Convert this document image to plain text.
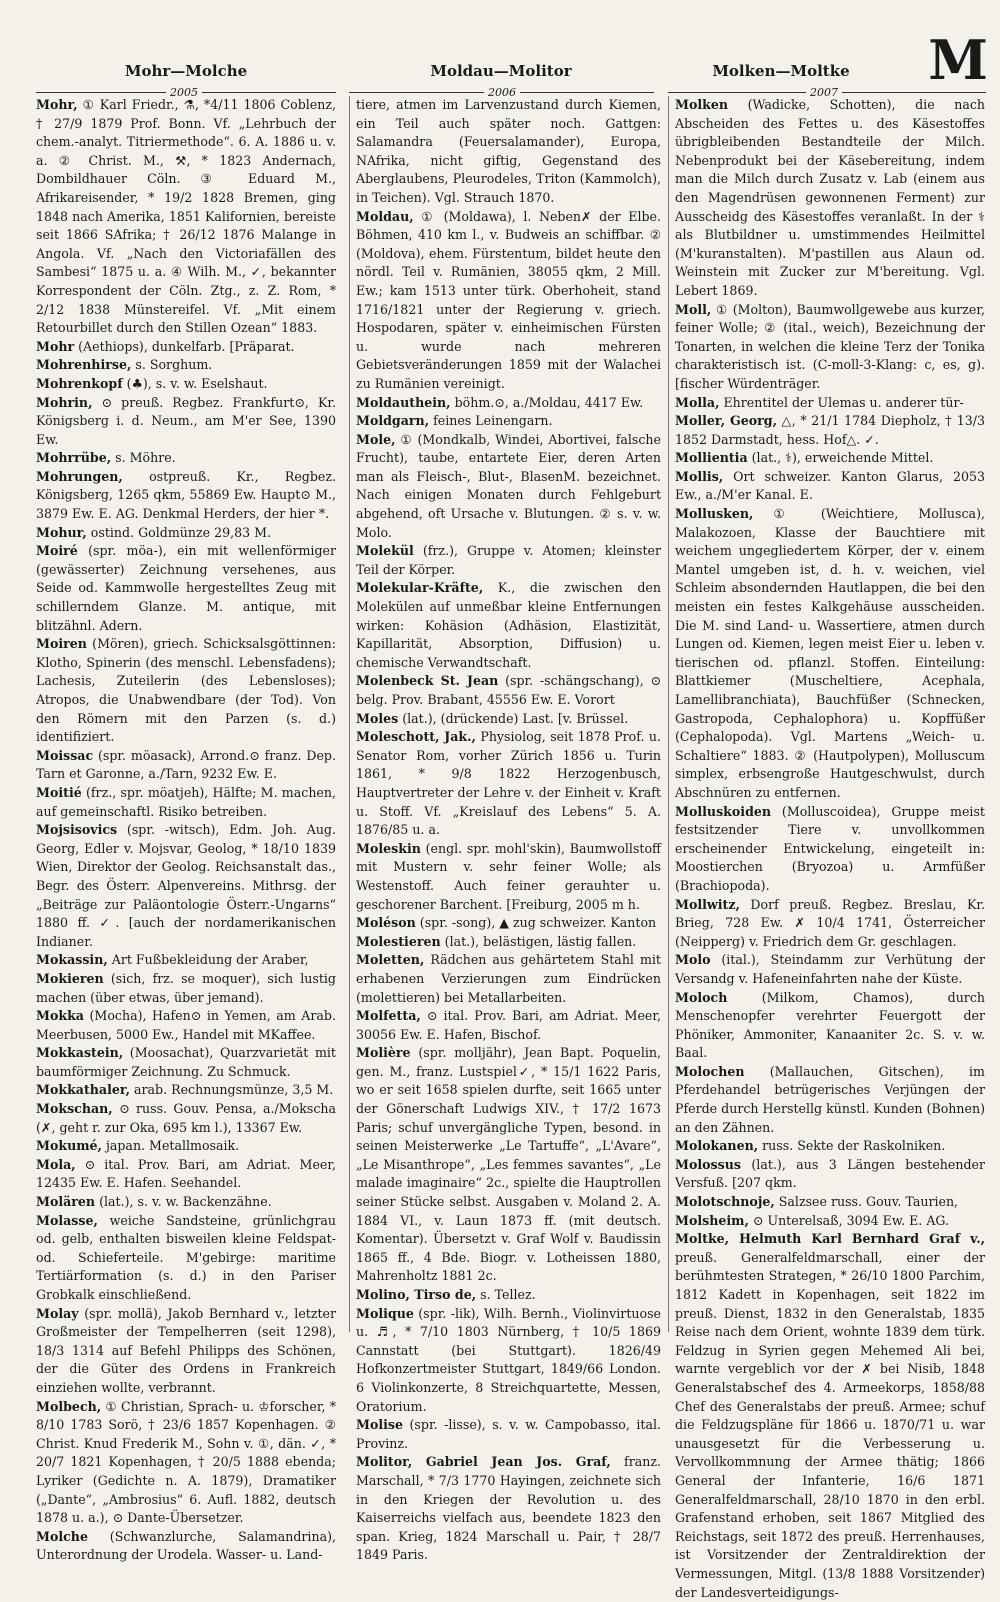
Mohr—Molche	Moldau—Molitor	Molken—Moltke	M
2005	2006	2007

Mohr, ① Karl Friedr., ⚗, *4/11 1806 Coblenz, † 27/9 1879 Prof. Bonn. Vf. „Lehrbuch der chem.-analyt. Titriermethode“. 6. A. 1886 u. v. a. ② Christ. M., ⚒, * 1823 Andernach, Dombildhauer Cöln. ③ Eduard M., Afrikareisender, * 19/2 1828 Bremen, ging 1848 nach Amerika, 1851 Kalifornien, bereiste seit 1866 SAfrika; † 26/12 1876 Malange in Angola. Vf. „Nach den Victoriafällen des Sambesi“ 1875 u. a. ④ Wilh. M., ✓, bekannter Korrespondent der Cöln. Ztg., z. Z. Rom, * 2/12 1838 Münstereifel. Vf. „Mit einem Retourbillet durch den Stillen Ozean“ 1883.

Mohr (Aethiops), dunkelfarb. [Präparat.

Mohrenhirse, s. Sorghum.

Mohrenkopf (♣), s. v. w. Eselshaut.

Mohrin, ⊙ preuß. Regbez. Frankfurt⊙, Kr. Königsberg i. d. Neum., am M'er See, 1390 Ew.

Mohrrübe, s. Möhre.

Mohrungen, ostpreuß. Kr., Regbez. Königsberg, 1265 qkm, 55869 Ew. Haupt⊙ M., 3879 Ew. E. AG. Denkmal Herders, der hier *.

Mohur, ostind. Goldmünze 29,83 M.

Moiré (spr. möa-), ein mit wellenförmiger (gewässerter) Zeichnung versehenes, aus Seide od. Kammwolle hergestelltes Zeug mit schillerndem Glanze. M. antique, mit blitzähnl. Adern.

Moiren (Mören), griech. Schicksalsgöttinnen: Klotho, Spinerin (des menschl. Lebensfadens); Lachesis, Zuteilerin (des Lebensloses); Atropos, die Unabwendbare (der Tod). Von den Römern mit den Parzen (s. d.) identifiziert.

Moissac (spr. möasack), Arrond.⊙ franz. Dep. Tarn et Garonne, a./Tarn, 9232 Ew. E.

Moitié (frz., spr. möatjeh), Hälfte; M. machen, auf gemeinschaftl. Risiko betreiben.

Mojsisovics (spr. -witsch), Edm. Joh. Aug. Georg, Edler v. Mojsvar, Geolog, * 18/10 1839 Wien, Direktor der Geolog. Reichsanstalt das., Begr. des Österr. Alpenvereins. Mithrsg. der „Beiträge zur Paläontologie Österr.-Ungarns“ 1880 ff. ✓. [auch der nordamerikanischen Indianer.

Mokassin, Art Fußbekleidung der Araber,

Mokieren (sich, frz. se moquer), sich lustig machen (über etwas, über jemand).

Mokka (Mocha), Hafen⊙ in Yemen, am Arab. Meerbusen, 5000 Ew., Handel mit MKaffee.

Mokkastein, (Moosachat), Quarzvarietät mit baumförmiger Zeichnung. Zu Schmuck.

Mokkathaler, arab. Rechnungsmünze, 3,5 M.

Mokschan, ⊙ russ. Gouv. Pensa, a./Mokscha (✗, geht r. zur Oka, 695 km l.), 13367 Ew.

Mokumé, japan. Metallmosaik.

Mola, ⊙ ital. Prov. Bari, am Adriat. Meer, 12435 Ew. E. Hafen. Seehandel.

Molären (lat.), s. v. w. Backenzähne.

Molasse, weiche Sandsteine, grünlichgrau od. gelb, enthalten bisweilen kleine Feldspat- od. Schieferteile. M'gebirge: maritime Tertiärformation (s. d.) in den Pariser Grobkalk einschließend.

Molay (spr. mollä), Jakob Bernhard v., letzter Großmeister der Tempelherren (seit 1298), 18/3 1314 auf Befehl Philipps des Schönen, der die Güter des Ordens in Frankreich einziehen wollte, verbrannt.

Molbech, ① Christian, Sprach- u. ♔forscher, * 8/10 1783 Sorö, † 23/6 1857 Kopenhagen. ② Christ. Knud Frederik M., Sohn v. ①, dän. ✓, * 20/7 1821 Kopenhagen, † 20/5 1888 ebenda; Lyriker (Gedichte n. A. 1879), Dramatiker („Dante“, „Ambrosius“ 6. Aufl. 1882, deutsch 1878 u. a.), ⊙ Dante-Übersetzer.

Molche (Schwanzlurche, Salamandrina), Unterordnung der Urodela. Wasser- u. Land-

tiere, atmen im Larvenzustand durch Kiemen, ein Teil auch später noch. Gattgen: Salamandra (Feuersalamander), Europa, NAfrika, nicht giftig, Gegenstand des Aberglaubens, Pleurodeles, Triton (Kammolch), in Teichen). Vgl. Strauch 1870.

Moldau, ① (Moldawa), l. Neben✗ der Elbe. Böhmen, 410 km l., v. Budweis an schiffbar. ② (Moldova), ehem. Fürstentum, bildet heute den nördl. Teil v. Rumänien, 38055 qkm, 2 Mill. Ew.; kam 1513 unter türk. Oberhoheit, stand 1716/1821 unter der Regierung v. griech. Hospodaren, später v. einheimischen Fürsten u. wurde nach mehreren Gebietsveränderungen 1859 mit der Walachei zu Rumänien vereinigt.

Moldauthein, böhm.⊙, a./Moldau, 4417 Ew.

Moldgarn, feines Leinengarn.

Mole, ① (Mondkalb, Windei, Abortivei, falsche Frucht), taube, entartete Eier, deren Arten man als Fleisch-, Blut-, BlasenM. bezeichnet. Nach einigen Monaten durch Fehlgeburt abgehend, oft Ursache v. Blutungen. ② s. v. w. Molo.

Molekül (frz.), Gruppe v. Atomen; kleinster Teil der Körper.

Molekular-Kräfte, K., die zwischen den Molekülen auf unmeßbar kleine Entfernungen wirken: Kohäsion (Adhäsion, Elastizität, Kapillarität, Absorption, Diffusion) u. chemische Verwandtschaft.

Molenbeck St. Jean (spr. -schängschang), ⊙ belg. Prov. Brabant, 45556 Ew. E. Vorort

Moles (lat.), (drückende) Last. [v. Brüssel.

Moleschott, Jak., Physiolog, seit 1878 Prof. u. Senator Rom, vorher Zürich 1856 u. Turin 1861, * 9/8 1822 Herzogenbusch, Hauptvertreter der Lehre v. der Einheit v. Kraft u. Stoff. Vf. „Kreislauf des Lebens“ 5. A. 1876/85 u. a.

Moleskin (engl. spr. mohl'skin), Baumwollstoff mit Mustern v. sehr feiner Wolle; als Westenstoff. Auch feiner gerauhter u. geschorener Barchent. [Freiburg, 2005 m h.

Moléson (spr. -song), ▲ zug schweizer. Kanton

Molestieren (lat.), belästigen, lästig fallen.

Moletten, Rädchen aus gehärtetem Stahl mit erhabenen Verzierungen zum Eindrücken (molettieren) bei Metallarbeiten.

Molfetta, ⊙ ital. Prov. Bari, am Adriat. Meer, 30056 Ew. E. Hafen, Bischof.

Molière (spr. molljähr), Jean Bapt. Poquelin, gen. M., franz. Lustspiel✓, * 15/1 1622 Paris, wo er seit 1658 spielen durfte, seit 1665 unter der Gönerschaft Ludwigs XIV., † 17/2 1673 Paris; schuf unvergängliche Typen, besond. in seinen Meisterwerke „Le Tartuffe“, „L'Avare“, „Le Misanthrope“, „Les femmes savantes“, „Le malade imaginaire“ 2c., spielte die Hauptrollen seiner Stücke selbst. Ausgaben v. Moland 2. A. 1884 VI., v. Laun 1873 ff. (mit deutsch. Komentar). Übersetzt v. Graf Wolf v. Baudissin 1865 ff., 4 Bde. Biogr. v. Lotheissen 1880, Mahrenholtz 1881 2c.

Molino, Tirso de, s. Tellez.

Molique (spr. -lik), Wilh. Bernh., Violinvirtuose u. ♬, * 7/10 1803 Nürnberg, † 10/5 1869 Cannstatt (bei Stuttgart). 1826/49 Hofkonzertmeister Stuttgart, 1849/66 London. 6 Violinkonzerte, 8 Streichquartette, Messen, Oratorium.

Molise (spr. -lisse), s. v. w. Campobasso, ital. Provinz.

Molitor, Gabriel Jean Jos. Graf, franz. Marschall, * 7/3 1770 Hayingen, zeichnete sich in den Kriegen der Revolution u. des Kaiserreichs vielfach aus, beendete 1823 den span. Krieg, 1824 Marschall u. Pair, † 28/7 1849 Paris.

Molken (Wadicke, Schotten), die nach Abscheiden des Fettes u. des Käsestoffes übrigbleibenden Bestandteile der Milch. Nebenprodukt bei der Käsebereitung, indem man die Milch durch Zusatz v. Lab (einem aus den Magendrüsen gewonnenen Ferment) zur Ausscheidg des Käsestoffes veranlaßt. In der ⚕ als Blutbildner u. umstimmendes Heilmittel (M'kuranstalten). M'pastillen aus Alaun od. Weinstein mit Zucker zur M'bereitung. Vgl. Lebert 1869.

Moll, ① (Molton), Baumwollgewebe aus kurzer, feiner Wolle; ② (ital., weich), Bezeichnung der Tonarten, in welchen die kleine Terz der Tonika charakteristisch ist. (C-moll-3-Klang: c, es, g). [fischer Würdenträger.

Molla, Ehrentitel der Ulemas u. anderer tür-

Moller, Georg, △, * 21/1 1784 Diepholz, † 13/3 1852 Darmstadt, hess. Hof△. ✓.

Mollientia (lat., ⚕), erweichende Mittel.

Mollis, Ort schweizer. Kanton Glarus, 2053 Ew., a./M'er Kanal. E.

Mollusken, ① (Weichtiere, Mollusca), Malakozoen, Klasse der Bauchtiere mit weichem ungegliedertem Körper, der v. einem Mantel umgeben ist, d. h. v. weichen, viel Schleim absondernden Hautlappen, die bei den meisten ein festes Kalkgehäuse ausscheiden. Die M. sind Land- u. Wassertiere, atmen durch Lungen od. Kiemen, legen meist Eier u. leben v. tierischen od. pflanzl. Stoffen. Einteilung: Blattkiemer (Muscheltiere, Acephala, Lamellibranchiata), Bauchfüßer (Schnecken, Gastropoda, Cephalophora) u. Kopffüßer (Cephalopoda). Vgl. Martens „Weich- u. Schaltiere“ 1883. ② (Hautpolypen), Molluscum simplex, erbsengroße Hautgeschwulst, durch Abschnüren zu entfernen.

Molluskoiden (Molluscoidea), Gruppe meist festsitzender Tiere v. unvollkommen erscheinender Entwickelung, eingeteilt in: Moostierchen (Bryozoa) u. Armfüßer (Brachiopoda).

Mollwitz, Dorf preuß. Regbez. Breslau, Kr. Brieg, 728 Ew. ✗ 10/4 1741, Österreicher (Neipperg) v. Friedrich dem Gr. geschlagen.

Molo (ital.), Steindamm zur Verhütung der Versandg v. Hafeneinfahrten nahe der Küste.

Moloch (Milkom, Chamos), durch Menschenopfer verehrter Feuergott der Phöniker, Ammoniter, Kanaaniter 2c. S. v. w. Baal.

Molochen (Mallauchen, Gitschen), im Pferdehandel betrügerisches Verjüngen der Pferde durch Herstellg künstl. Kunden (Bohnen) an den Zähnen.

Molokanen, russ. Sekte der Raskolniken.

Molossus (lat.), aus 3 Längen bestehender Versfuß. [207 qkm.

Molotschnoje, Salzsee russ. Gouv. Taurien,

Molsheim, ⊙ Unterelsaß, 3094 Ew. E. AG.

Moltke, Helmuth Karl Bernhard Graf v., preuß. Generalfeldmarschall, einer der berühmtesten Strategen, * 26/10 1800 Parchim, 1812 Kadett in Kopenhagen, seit 1822 im preuß. Dienst, 1832 in den Generalstab, 1835 Reise nach dem Orient, wohnte 1839 dem türk. Feldzug in Syrien gegen Mehemed Ali bei, warnte vergeblich vor der ✗ bei Nisib, 1848 Generalstabschef des 4. Armeekorps, 1858/88 Chef des Generalstabs der preuß. Armee; schuf die Feldzugspläne für 1866 u. 1870/71 u. war unausgesetzt für die Verbesserung u. Vervollkommnung der Armee thätig; 1866 General der Infanterie, 16/6 1871 Generalfeldmarschall, 28/10 1870 in den erbl. Grafenstand erhoben, seit 1867 Mitglied des Reichstags, seit 1872 des preuß. Herrenhauses, ist Vorsitzender der Zentraldirektion der Vermessungen, Mitgl. (13/8 1888 Vorsitzender) der Landesverteidigungs-
